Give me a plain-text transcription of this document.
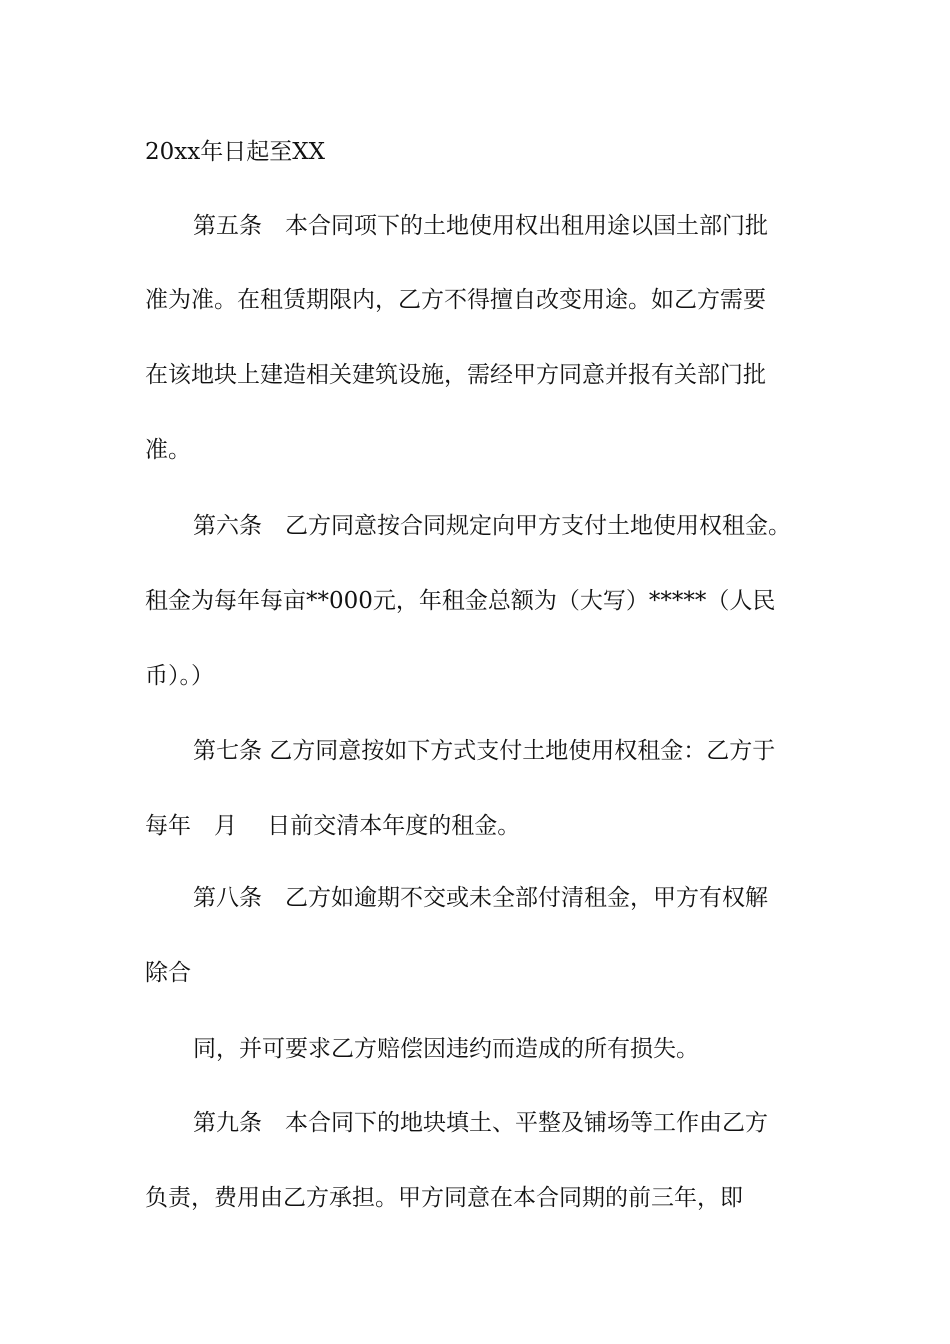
20xx年日起至XX
第五条　本合同项下的土地使用权出租用途以国土部门批
准为准。在租赁期限内，乙方不得擅自改变用途。如乙方需要
在该地块上建造相关建筑设施，需经甲方同意并报有关部门批
准。
第六条　乙方同意按合同规定向甲方支付土地使用权租金。
租金为每年每亩**000元，年租金总额为（大写）*****（人民
币）。）
第七条 乙方同意按如下方式支付土地使用权租金：乙方于
每年　月　 日前交清本年度的租金。
第八条　乙方如逾期不交或未全部付清租金，甲方有权解
除合
同，并可要求乙方赔偿因违约而造成的所有损失。
第九条　本合同下的地块填土、平整及铺场等工作由乙方
负责，费用由乙方承担。甲方同意在本合同期的前三年，即
